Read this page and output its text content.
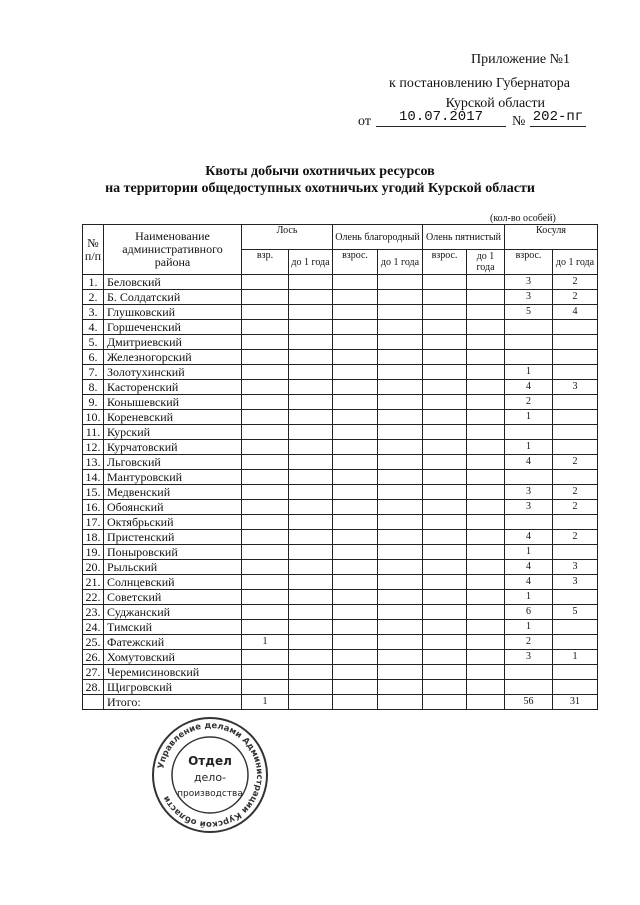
Приложение №1
к постановлению Губернатора
Курской области
от	10.07.2017	№ 202-пг
Квоты добычи охотничьих ресурсов
на территории общедоступных охотничьих угодий Курской области
(кол-во особей)
№ п/п	Наименование административного района	Лось		Олень благородный		Олень пятнистый		Косуля	
		взр.	до 1 года	взрос.	до 1 года	взрос.	до 1 года	взрос.	до 1 года
1.	Беловский							3	2
2.	Б. Солдатский							3	2
3.	Глушковский							5	4
4.	Горшеченский								
5.	Дмитриевский								
6.	Железногорский								
7.	Золотухинский							1	
8.	Касторенский							4	3
9.	Конышевский							2	
10.	Кореневский							1	
11.	Курский								
12.	Курчатовский							1	
13.	Льговский							4	2
14.	Мантуровский								
15.	Медвенский							3	2
16.	Обоянский							3	2
17.	Октябрьский								
18.	Пристенский							4	2
19.	Поныровский							1	
20.	Рыльский							4	3
21.	Солнцевский							4	3
22.	Советский							1	
23.	Суджанский							6	5
24.	Тимский							1	
25.	Фатежский	1						2	
26.	Хомутовский							3	1
27.	Черемисиновский								
28.	Щигровский								
	Итого:	1						56	31
Управление делами Администрации Курской области
Отдел
дело-
производства
